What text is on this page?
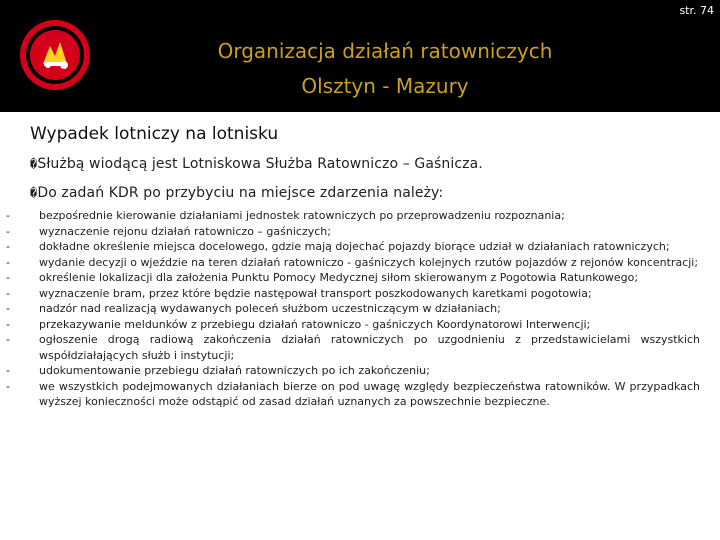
str. 74
Organizacja działań ratowniczych
Olsztyn - Mazury
Wypadek lotniczy na lotnisku
�Służbą wiodącą jest Lotniskowa Służba Ratowniczo – Gaśnicza.
�Do zadań KDR po przybyciu na miejsce zdarzenia należy:
-	bezpośrednie kierowanie działaniami jednostek ratowniczych po przeprowadzeniu rozpoznania;
-	wyznaczenie rejonu działań ratowniczo – gaśniczych;
-	dokładne określenie miejsca docelowego, gdzie mają dojechać pojazdy biorące udział w działaniach ratowniczych;
-	wydanie decyzji o wjeździe na teren działań ratowniczo - gaśniczych kolejnych rzutów pojazdów z rejonów koncentracji;
-	określenie lokalizacji dla założenia Punktu Pomocy Medycznej siłom skierowanym z Pogotowia Ratunkowego;
-	wyznaczenie bram, przez które będzie następował transport poszkodowanych karetkami pogotowia;
-	nadzór nad realizacją wydawanych poleceń służbom uczestniczącym w działaniach;
-	przekazywanie meldunków z przebiegu działań ratowniczo - gaśniczych Koordynatorowi Interwencji;
-	ogłoszenie drogą radiową zakończenia działań ratowniczych po uzgodnieniu z przedstawicielami wszystkich współdziałających służb i instytucji;
-	udokumentowanie przebiegu działań ratowniczych po ich zakończeniu;
-	we wszystkich podejmowanych działaniach bierze on pod uwagę względy bezpieczeństwa ratowników. W przypadkach wyższej konieczności może odstąpić od zasad działań uznanych za powszechnie bezpieczne.
